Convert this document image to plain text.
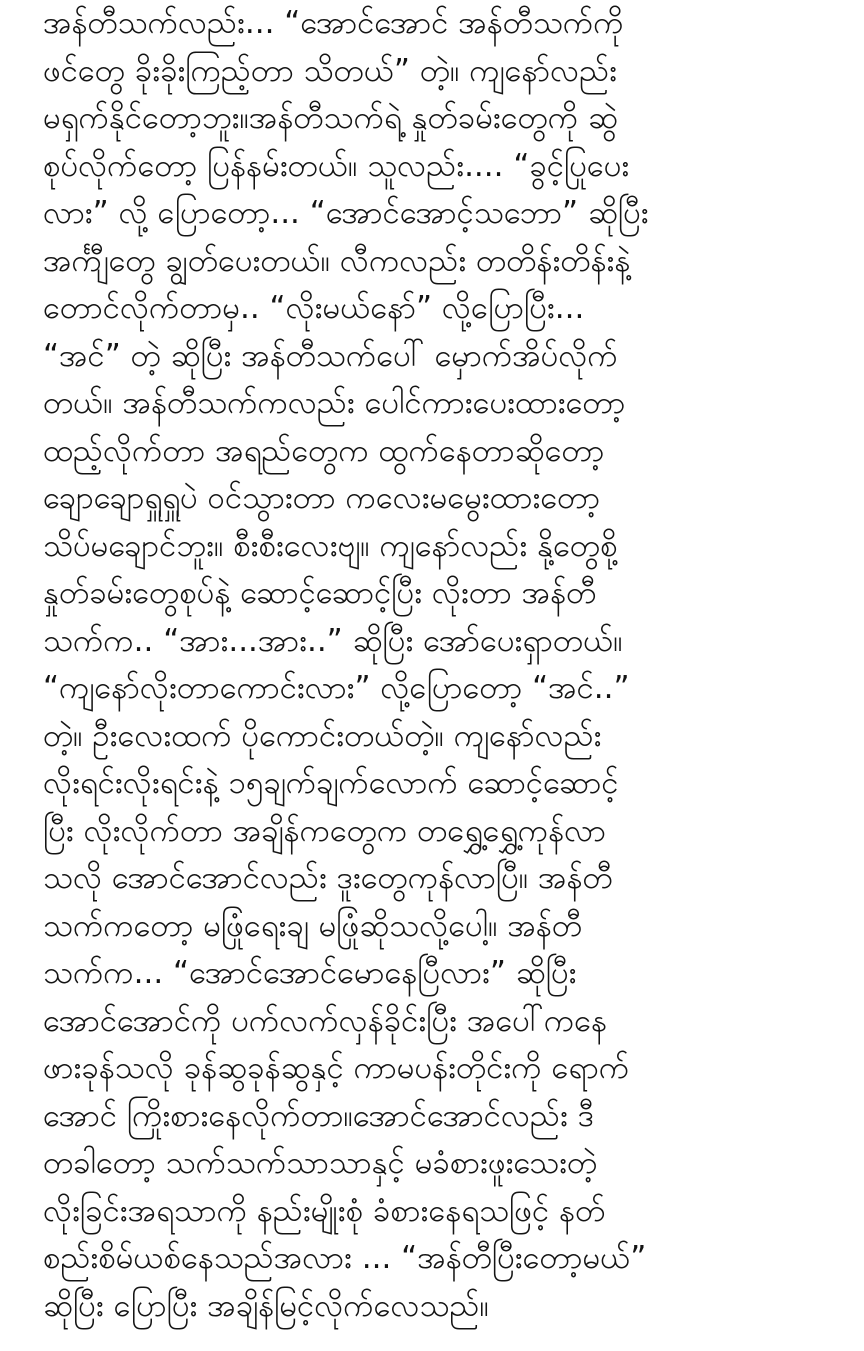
အန်တီသက်လည်း... “အောင်အောင် အန်တီသက်ကို
ဖင်တွေ ခိုးခိုးကြည့်တာ သိတယ်” တဲ့။ ကျနော်လည်း
မရှက်နိုင်တော့ဘူး။အန်တီသက်ရဲ့ နှုတ်ခမ်းတွေကို ဆွဲ
စုပ်လိုက်တော့ ပြန်နမ်းတယ်။ သူလည်း.... “ခွင့်ပြုပေး
လား” လို့ ပြောတော့... “အောင်အောင့်သဘော” ဆိုပြီး
အင်္ကျီတွေ ချွတ်ပေးတယ်။ လီကလည်း တတိန်းတိန်းနဲ့
တောင်လိုက်တာမှ.. “လိုးမယ်နော်” လို့ပြောပြီး...
“အင်” တဲ့ ဆိုပြီး အန်တီသက်ပေါ် မှောက်အိပ်လိုက်
တယ်။ အန်တီသက်ကလည်း ပေါင်ကားပေးထားတော့
ထည့်လိုက်တာ အရည်တွေက ထွက်နေတာဆိုတော့
ချောချောရှူရှူပဲ ဝင်သွားတာ ကလေးမမွေးထားတော့
သိပ်မချောင်ဘူး။ စီးစီးလေးဗျ။ ကျနော်လည်း နို့တွေစို့
နှုတ်ခမ်းတွေစုပ်နဲ့ ဆောင့်ဆောင့်ပြီး လိုးတာ အန်တီ
သက်က.. “အား...အား..” ဆိုပြီး အော်ပေးရှာတယ်။
“ကျနော်လိုးတာကောင်းလား” လို့ပြောတော့ “အင်..”
တဲ့။ ဦးလေးထက် ပိုကောင်းတယ်တဲ့။ ကျနော်လည်း
လိုးရင်းလိုးရင်းနဲ့ ၁၅ချက်ချက်လောက် ဆောင့်ဆောင့်
ပြီး လိုးလိုက်တာ အချိန်ကတွေက တရွှေ့ရွှေ့ကုန်လာ
သလို အောင်အောင်လည်း ဒူးတွေကုန်လာပြီ။ အန်တီ
သက်ကတော့ မဖြုံရေးချ မဖြုံဆိုသလို့ပေါ့။ အန်တီ
သက်က... “အောင်အောင်မောနေပြီလား” ဆိုပြီး
အောင်အောင်ကို ပက်လက်လှန်ခိုင်းပြီး အပေါ်ကနေ
ဖားခုန်သလို ခုန်ဆွခုန်ဆွနှင့် ကာမပန်းတိုင်းကို ရောက်
အောင် ကြိုးစားနေလိုက်တာ။အောင်အောင်လည်း ဒီ
တခါတော့ သက်သက်သာသာနှင့် မခံစားဖူးသေးတဲ့
လိုးခြင်းအရသာကို နည်းမျိုးစုံ ခံစားနေရသဖြင့် နတ်
စည်းစိမ်ယစ်နေသည်အလား ... “အန်တီပြီးတော့မယ်”
ဆိုပြီး ပြောပြီး အချိန်မြင့်လိုက်လေသည်။
